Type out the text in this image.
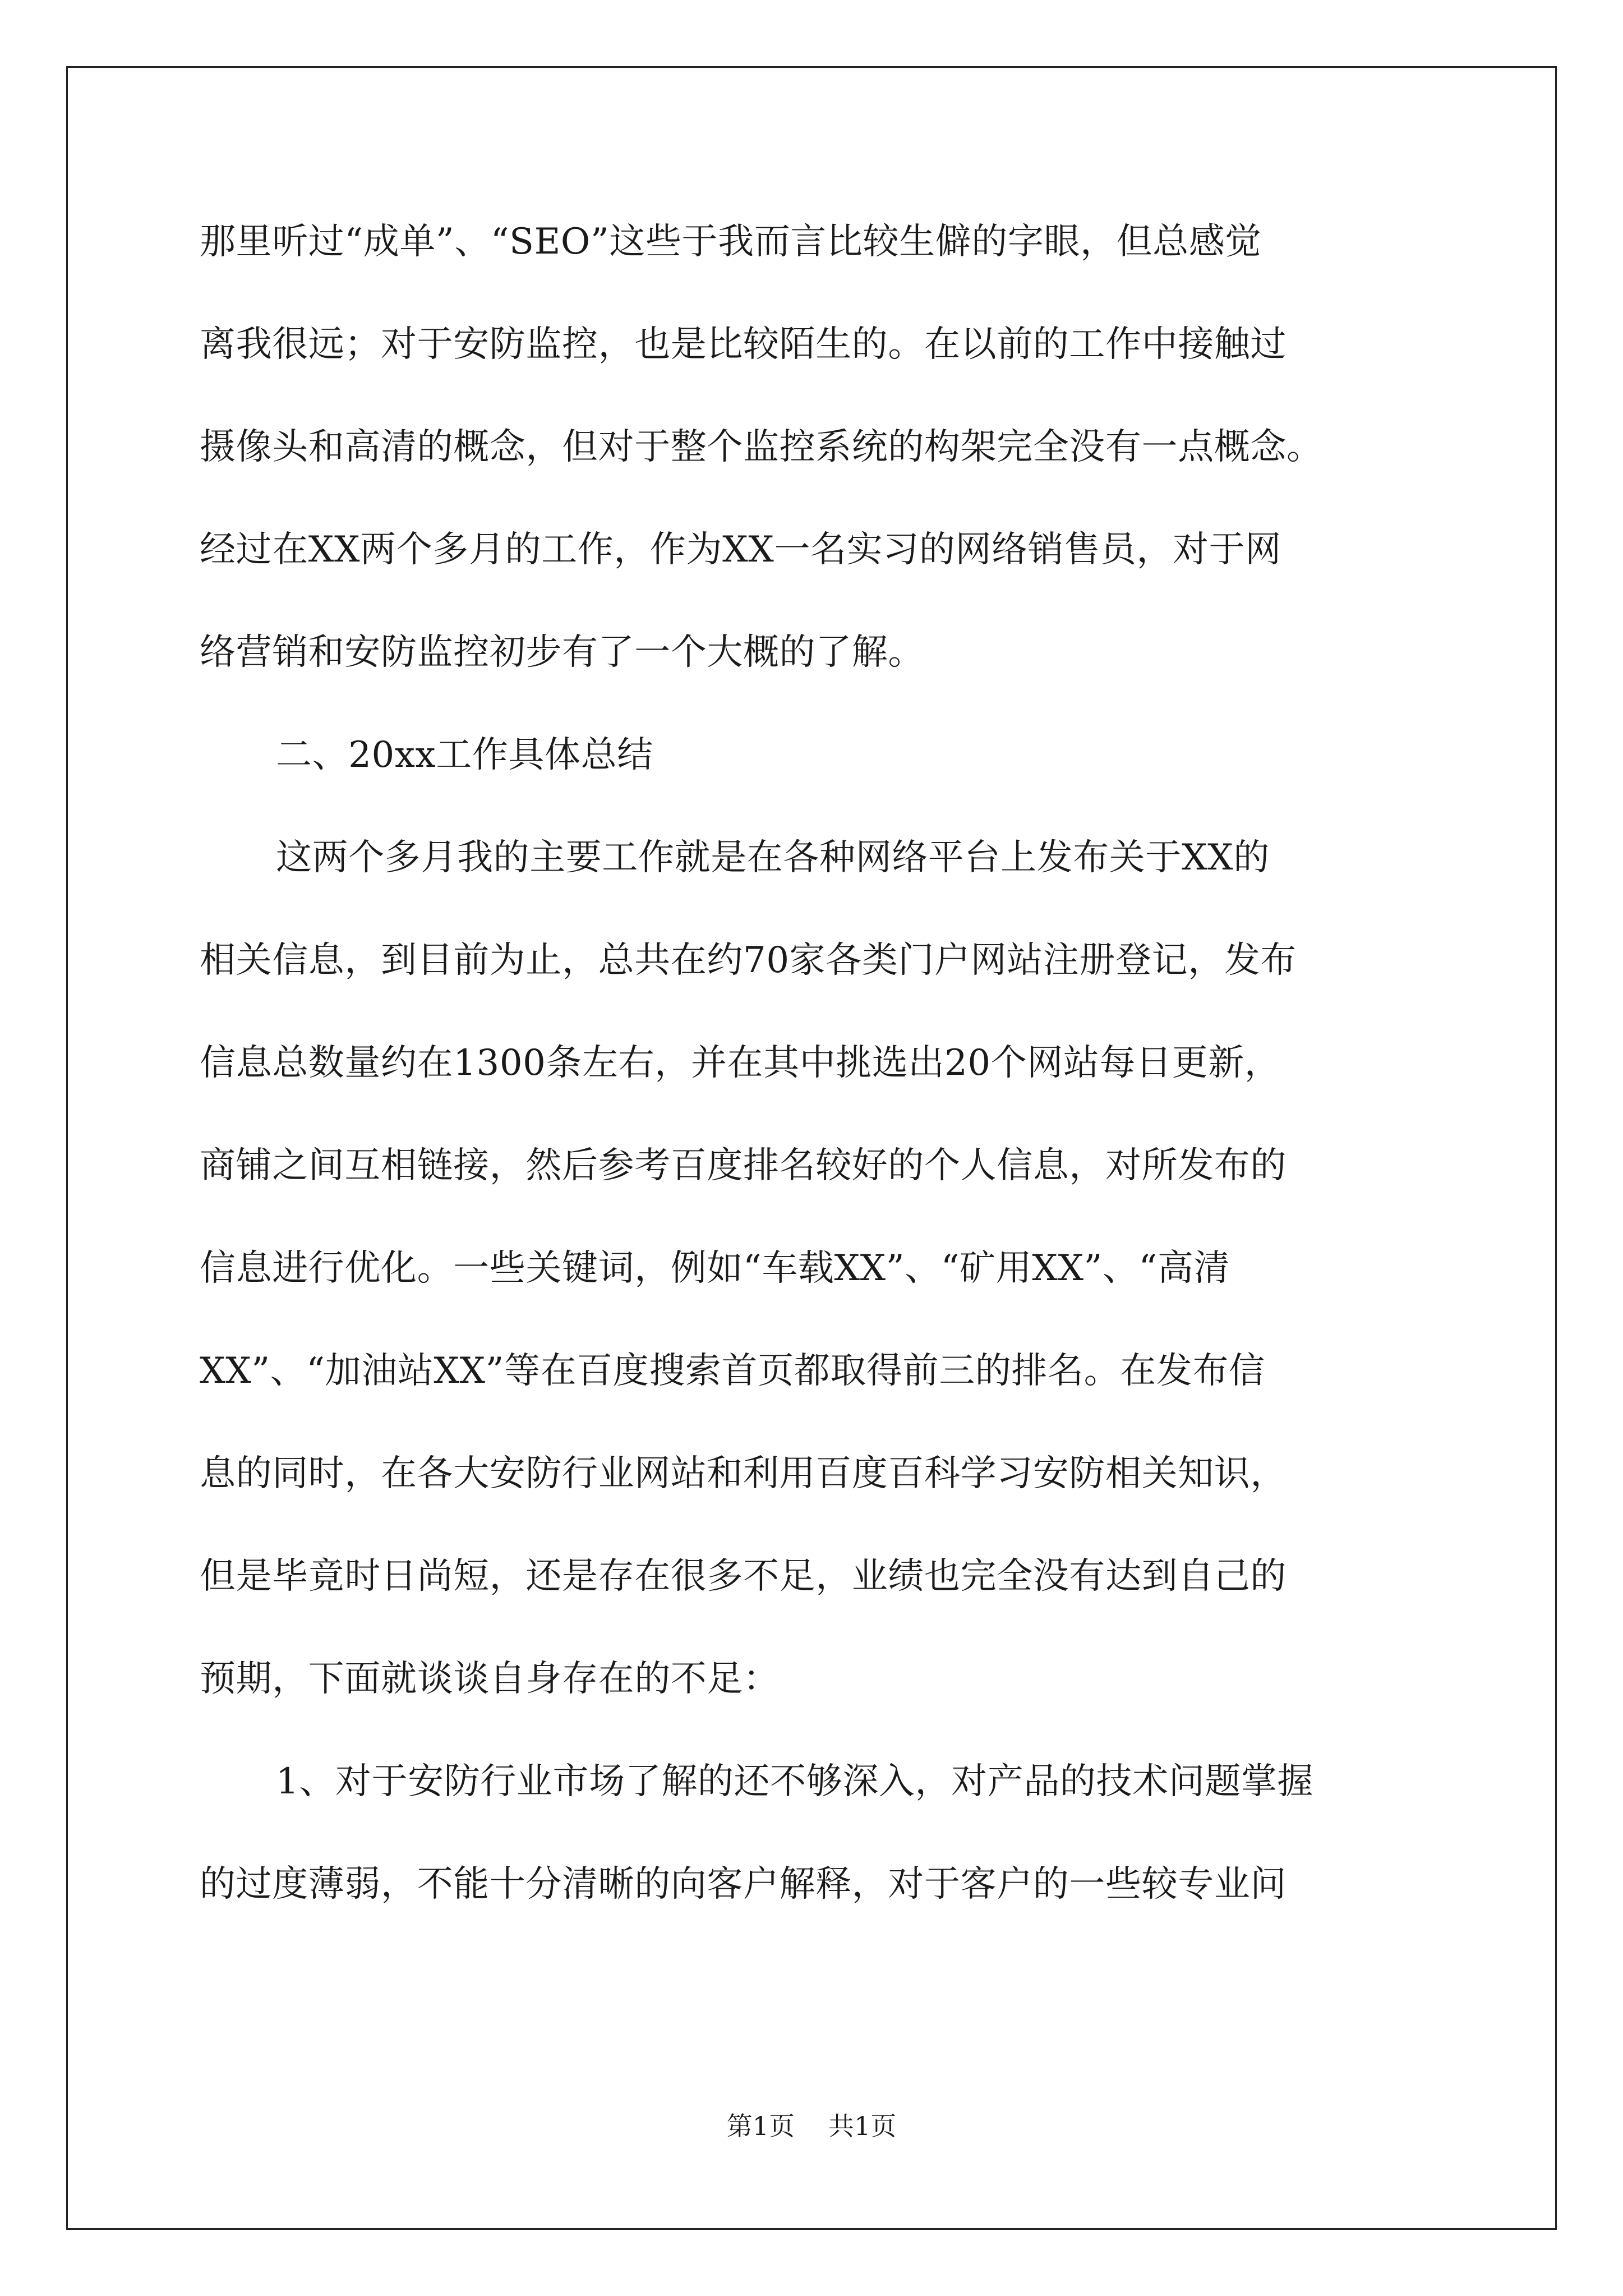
那里听过“成单”、“SEO”这些于我而言比较生僻的字眼，但总感觉
离我很远；对于安防监控，也是比较陌生的。在以前的工作中接触过
摄像头和高清的概念，但对于整个监控系统的构架完全没有一点概念。
经过在XX两个多月的工作，作为XX一名实习的网络销售员，对于网
络营销和安防监控初步有了一个大概的了解。
二、20xx工作具体总结
这两个多月我的主要工作就是在各种网络平台上发布关于XX的
相关信息，到目前为止，总共在约70家各类门户网站注册登记，发布
信息总数量约在1300条左右，并在其中挑选出20个网站每日更新，
商铺之间互相链接，然后参考百度排名较好的个人信息，对所发布的
信息进行优化。一些关键词，例如“车载XX”、“矿用XX”、“高清
XX”、“加油站XX”等在百度搜索首页都取得前三的排名。在发布信
息的同时，在各大安防行业网站和利用百度百科学习安防相关知识，
但是毕竟时日尚短，还是存在很多不足，业绩也完全没有达到自己的
预期，下面就谈谈自身存在的不足：
1、对于安防行业市场了解的还不够深入，对产品的技术问题掌握
的过度薄弱，不能十分清晰的向客户解释，对于客户的一些较专业问
第1页 共1页
